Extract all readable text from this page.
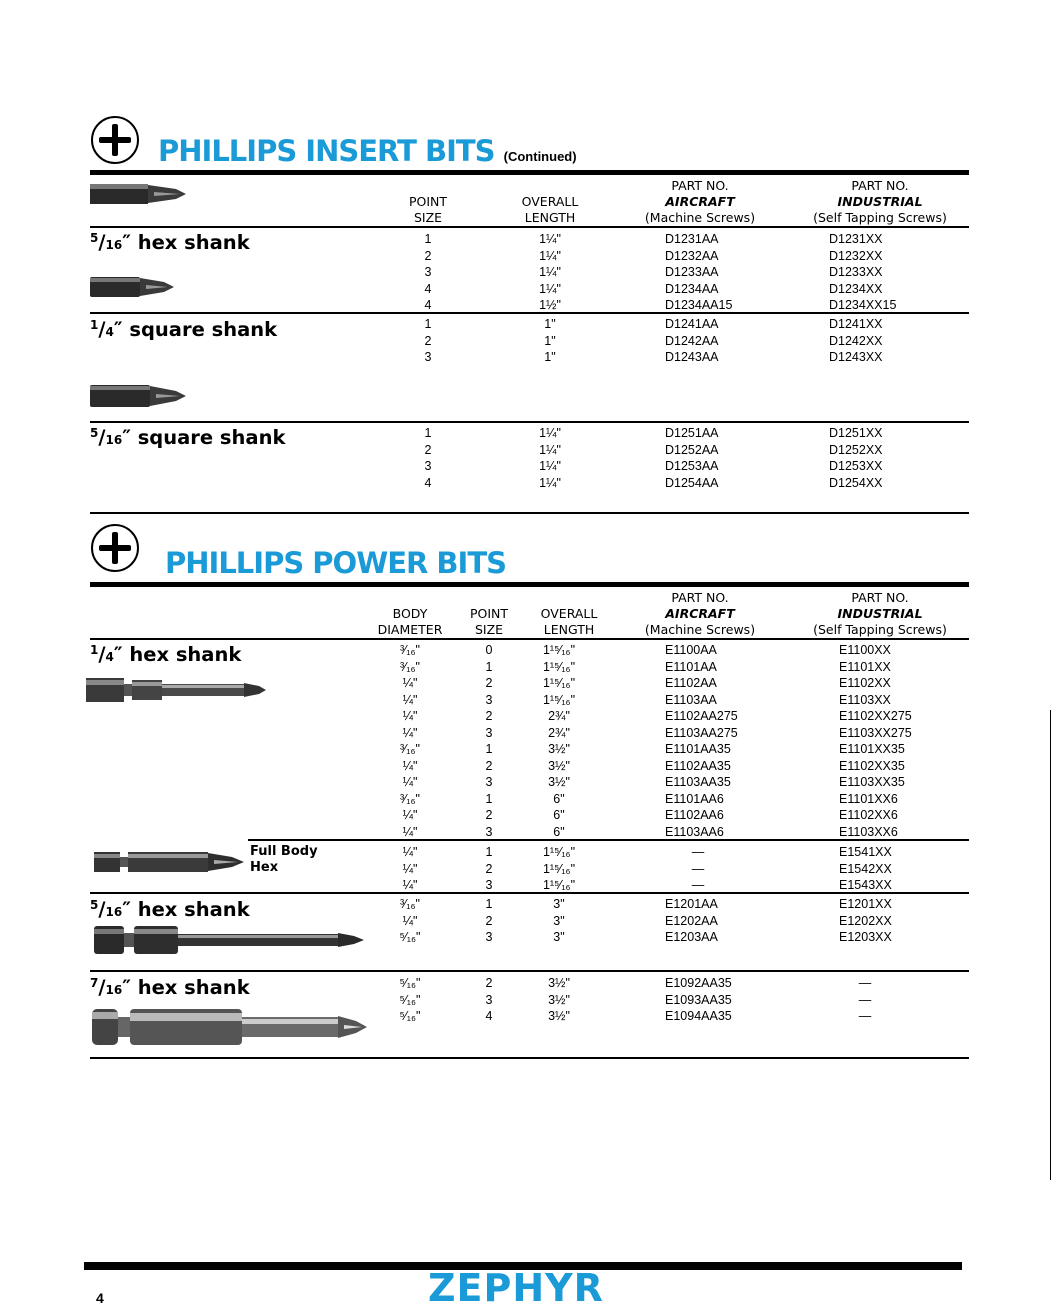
PHILLIPS INSERT BITS (Continued)
POINT
SIZE
OVERALL
LENGTH
PART NO.
AIRCRAFT
(Machine Screws)
PART NO.
INDUSTRIAL
(Self Tapping Screws)
$^5$/16″ hex shank
$^1$/4″ square shank
$^5$/16″ square shank
1	1¼"	D1231AA	D1231XX
2	1¼"	D1232AA	D1232XX
3	1¼"	D1233AA	D1233XX
4	1¼"	D1234AA	D1234XX
4	1½"	D1234AA15	D1234XX15
1	1"	D1241AA	D1241XX
2	1"	D1242AA	D1242XX
3	1"	D1243AA	D1243XX
1	1¼"	D1251AA	D1251XX
2	1¼"	D1252AA	D1252XX
3	1¼"	D1253AA	D1253XX
4	1¼"	D1254AA	D1254XX
PHILLIPS POWER BITS
BODY
DIAMETER
POINT
SIZE
OVERALL
LENGTH
PART NO.
AIRCRAFT
(Machine Screws)
PART NO.
INDUSTRIAL
(Self Tapping Screws)
$^1$/4″ hex shank
Full Body
Hex
$^5$/16″ hex shank
$^7$/16″ hex shank
³⁄₁₆"	0	1¹⁵⁄₁₆"	E1100AA	E1100XX
³⁄₁₆"	1	1¹⁵⁄₁₆"	E1101AA	E1101XX
¼"	2	1¹⁵⁄₁₆"	E1102AA	E1102XX
¼"	3	1¹⁵⁄₁₆"	E1103AA	E1103XX
¼"	2	2¾"	E1102AA275	E1102XX275
¼"	3	2¾"	E1103AA275	E1103XX275
³⁄₁₆"	1	3½"	E1101AA35	E1101XX35
¼"	2	3½"	E1102AA35	E1102XX35
¼"	3	3½"	E1103AA35	E1103XX35
³⁄₁₆"	1	6"	E1101AA6	E1101XX6
¼"	2	6"	E1102AA6	E1102XX6
¼"	3	6"	E1103AA6	E1103XX6
¼"	1	1¹⁵⁄₁₆"	—	E1541XX
¼"	2	1¹⁵⁄₁₆"	—	E1542XX
¼"	3	1¹⁵⁄₁₆"	—	E1543XX
³⁄₁₆"	1	3"	E1201AA	E1201XX
¼"	2	3"	E1202AA	E1202XX
⁵⁄₁₆"	3	3"	E1203AA	E1203XX
⁵⁄₁₆"	2	3½"	E1092AA35	—
⁵⁄₁₆"	3	3½"	E1093AA35	—
⁵⁄₁₆"	4	3½"	E1094AA35	—
ZEPHYR
4
